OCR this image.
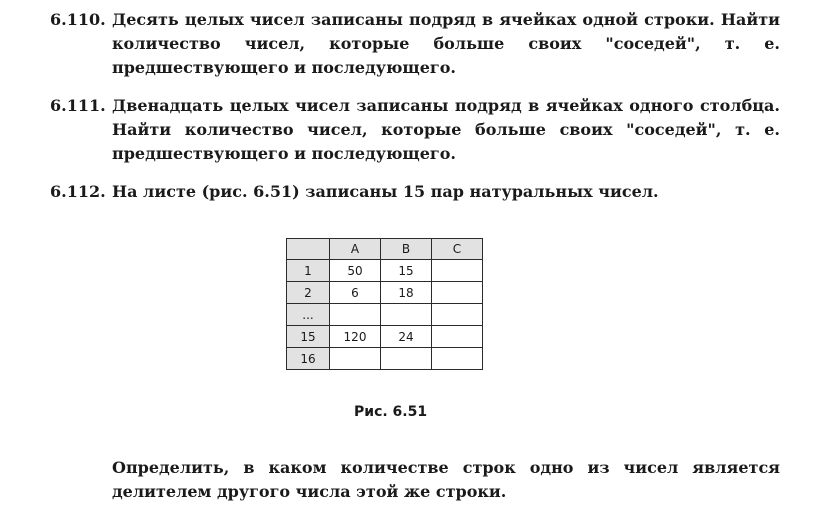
6.110. Десять целых чисел записаны подряд в ячейках одной строки. Найти количество чисел, которые больше своих "соседей", т. е. предшествующего и последующего.
6.111. Двенадцать целых чисел записаны подряд в ячейках одного столбца. Найти количество чисел, которые больше своих "соседей", т. е. предшествующего и последующего.
6.112. На листе (рис. 6.51) записаны 15 пар натуральных чисел.
	A	B	C
1	50	15	
2	6	18	
...			
15	120	24	
16			
Рис. 6.51
Определить, в каком количестве строк одно из чисел является делителем другого числа этой же строки.
